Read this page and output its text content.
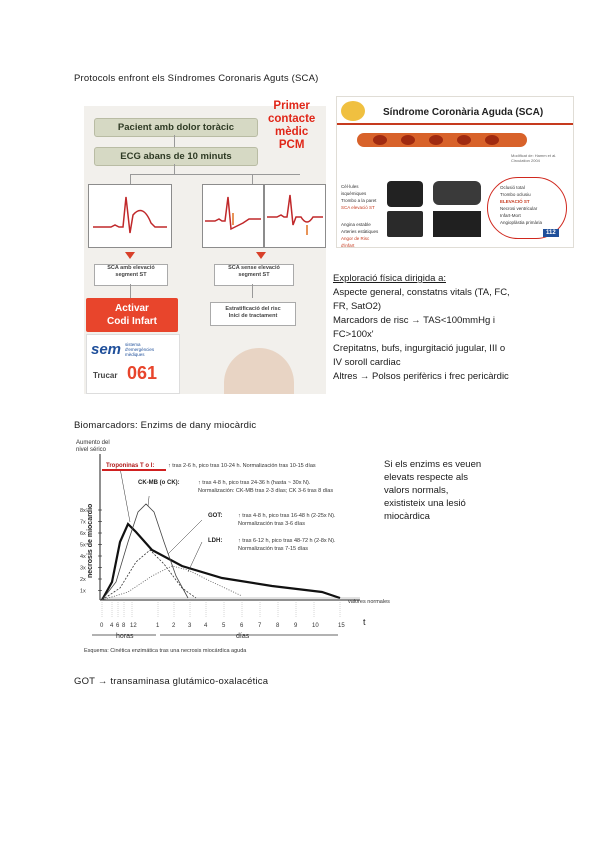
Protocols enfront els Síndromes Coronaris Aguts (SCA)
Pacient amb dolor toràcic
ECG abans de 10 minuts
SCA amb elevació
segment ST
SCA sense elevació
segment ST
Activar
Codi Infart
Estratificació del risc
Inici de tractament
sem sistema
d'emergències
mèdiques
Trucar 061
Primer
contacte
mèdic
PCM
Síndrome Coronària Aguda (SCA)
Modificat de: Hamm et al. Circulation 2004
Cèl·lules isquèmiques
Trombo a la paret
SCA elevació ST
Angina estable
Arteries estàtiques
Angor de Risc d'infart
Oclusió total
Trombo oclusiu
ELEVACIÓ ST
Necrosi ventricular
Infart-Mort
Angioplàstia primària
112
Exploració física dirigida a:
Aspecte general, constatns vitals (TA, FC,
FR, SatO2)
Marcadors de risc → TAS<100mmHg i
FC>100x'
Crepitatns, bufs, ingurgitació jugular, III o
IV soroll cardiac
Altres → Polsos perifèrics i frec pericàrdic
Biomarcadors: Enzims de dany miocàrdic
Aumento del
nivel sérico
necrosis de miocardio
8x
7x
6x
5x
4x
3x
2x
1x
0 4 6 8 12	1 2 3 4 5 6 7 8 9 10	15 t
horas	días
valores normales
Troponinas T o I: ↑ tras 2-6 h, pico tras 10-24 h. Normalización tras 10-15 días
CK-MB (o CK):	↑ tras 4-8 h, pico tras 24-36 h (hasta ~ 30x N).
Normalización: CK-MB tras 2-3 días; CK 3-6 tras 8 días
GOT:	↑ tras 4-8 h, pico tras 16-48 h (2-25x N).
Normalización tras 3-6 días
LDH:	↑ tras 6-12 h, pico tras 48-72 h (2-8x N).
Normalización tras 7-15 días
Esquema: Cinética enzimática tras una necrosis miocárdica aguda
Si els enzims es veuen
elevats respecte als
valors normals,
exististeix una lesió
miocàrdica
GOT → transaminasa glutámico-oxalacética
